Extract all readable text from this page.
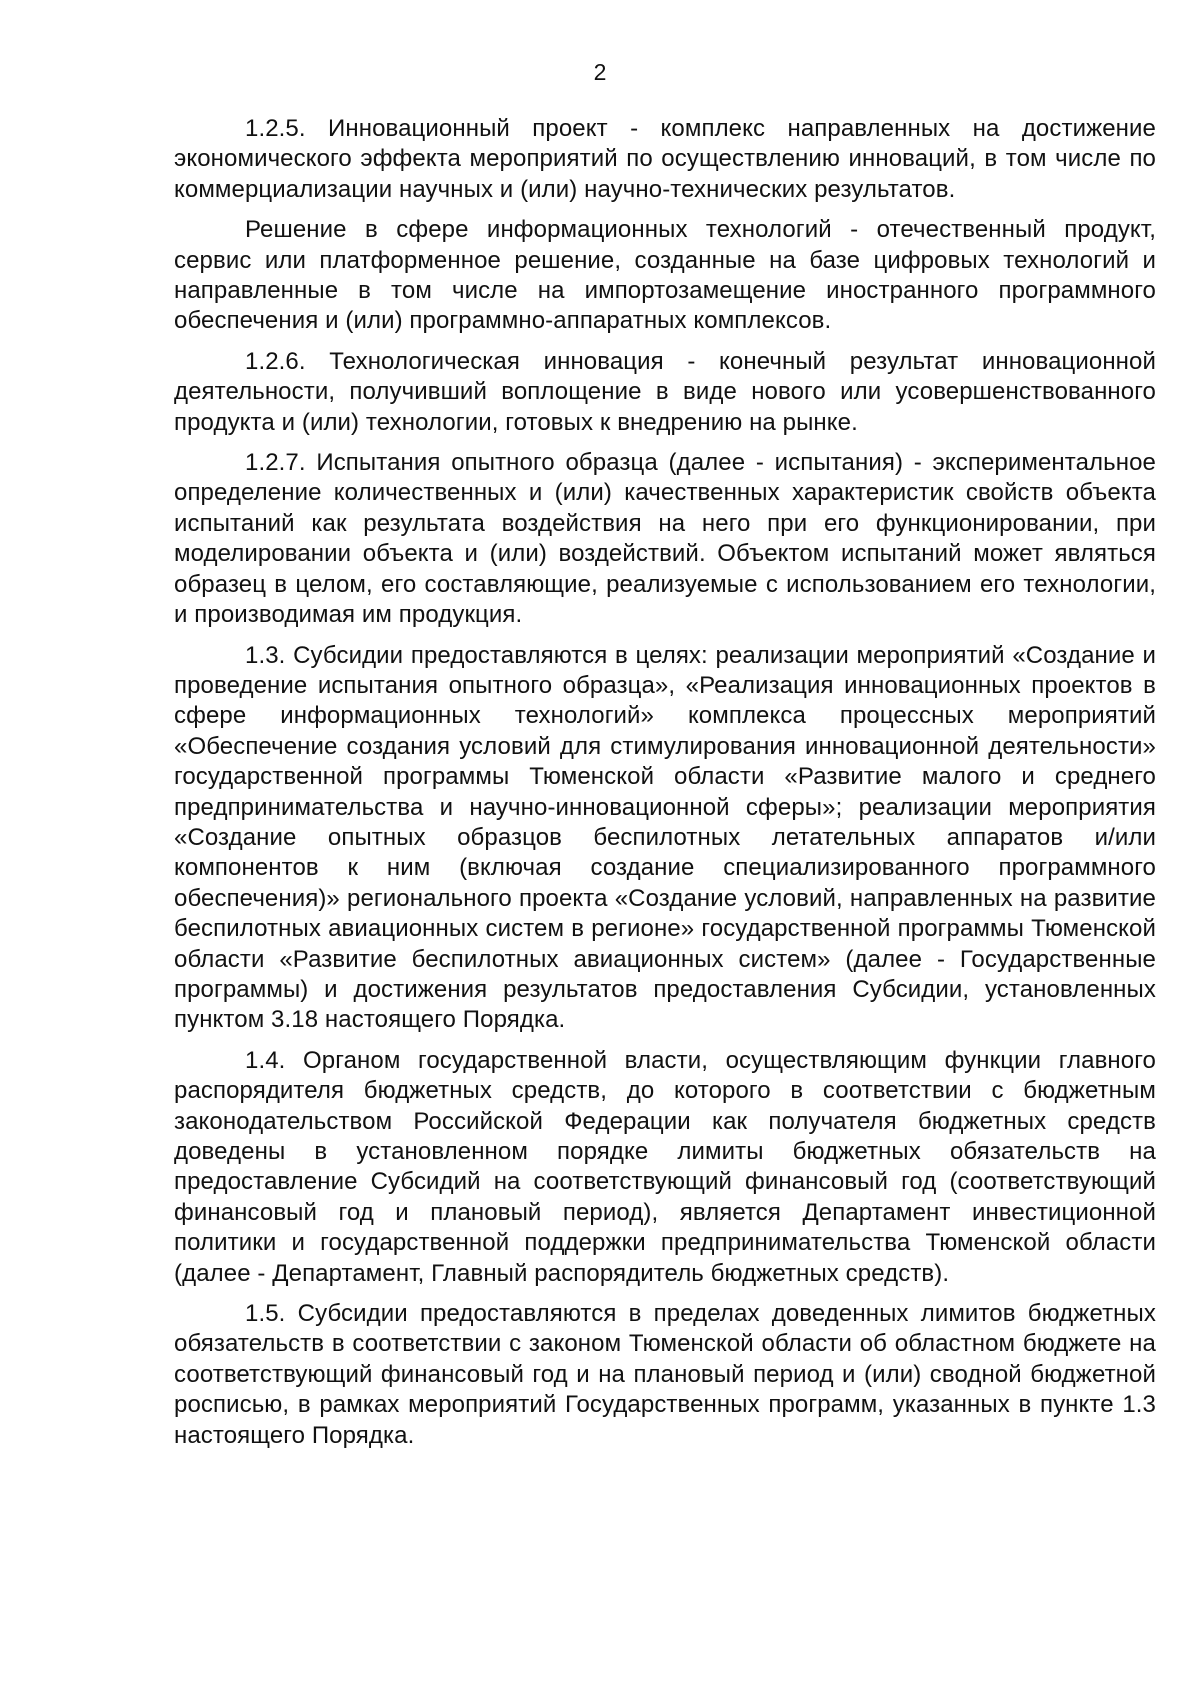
2

1.2.5. Инновационный проект - комплекс направленных на достижение экономического эффекта мероприятий по осуществлению инноваций, в том числе по коммерциализации научных и (или) научно-технических результатов.

Решение в сфере информационных технологий - отечественный продукт, сервис или платформенное решение, созданные на базе цифровых технологий и направленные в том числе на импортозамещение иностранного программного обеспечения и (или) программно-аппаратных комплексов.

1.2.6. Технологическая инновация - конечный результат инновационной деятельности, получивший воплощение в виде нового или усовершенствованного продукта и (или) технологии, готовых к внедрению на рынке.

1.2.7. Испытания опытного образца (далее - испытания) - экспериментальное определение количественных и (или) качественных характеристик свойств объекта испытаний как результата воздействия на него при его функционировании, при моделировании объекта и (или) воздействий. Объектом испытаний может являться образец в целом, его составляющие, реализуемые с использованием его технологии, и производимая им продукция.

1.3. Субсидии предоставляются в целях: реализации мероприятий «Создание и проведение испытания опытного образца», «Реализация инновационных проектов в сфере информационных технологий» комплекса процессных мероприятий «Обеспечение создания условий для стимулирования инновационной деятельности» государственной программы Тюменской области «Развитие малого и среднего предпринимательства и научно-инновационной сферы»; реализации мероприятия «Создание опытных образцов беспилотных летательных аппаратов и/или компонентов к ним (включая создание специализированного программного обеспечения)» регионального проекта «Создание условий, направленных на развитие беспилотных авиационных систем в регионе» государственной программы Тюменской области «Развитие беспилотных авиационных систем» (далее - Государственные программы) и достижения результатов предоставления Субсидии, установленных пунктом 3.18 настоящего Порядка.

1.4. Органом государственной власти, осуществляющим функции главного распорядителя бюджетных средств, до которого в соответствии с бюджетным законодательством Российской Федерации как получателя бюджетных средств доведены в установленном порядке лимиты бюджетных обязательств на предоставление Субсидий на соответствующий финансовый год (соответствующий финансовый год и плановый период), является Департамент инвестиционной политики и государственной поддержки предпринимательства Тюменской области (далее - Департамент, Главный распорядитель бюджетных средств).

1.5. Субсидии предоставляются в пределах доведенных лимитов бюджетных обязательств в соответствии с законом Тюменской области об областном бюджете на соответствующий финансовый год и на плановый период и (или) сводной бюджетной росписью, в рамках мероприятий Государственных программ, указанных в пункте 1.3 настоящего Порядка.
